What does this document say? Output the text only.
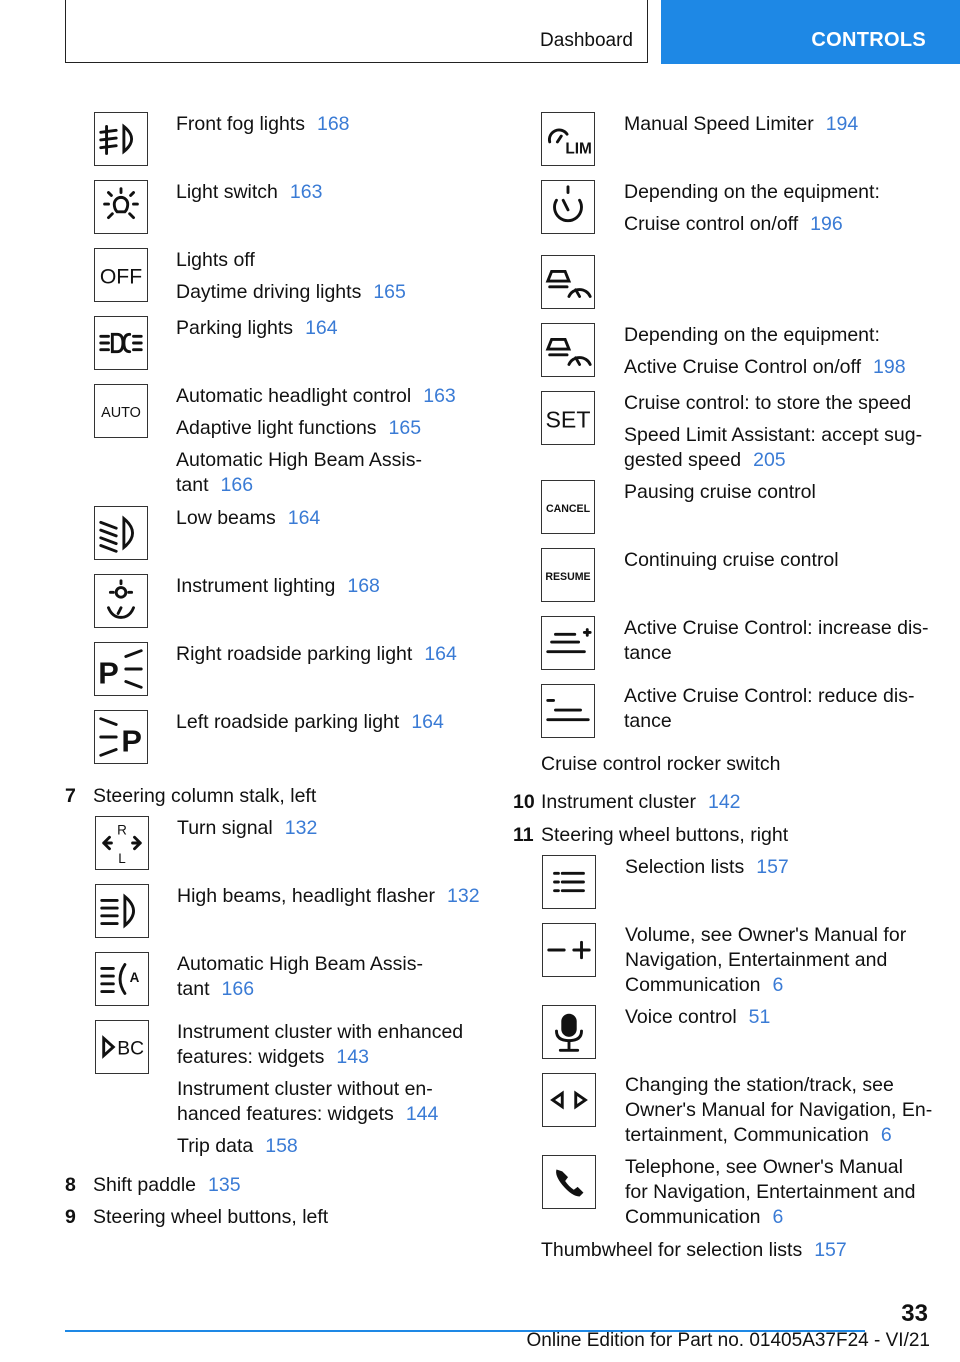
Dashboard	CONTROLS
Front fog lights 168
Light switch 163
OFF
Lights off
Daytime driving lights 165
Parking lights 164
AUTO
Automatic headlight control 163
Adaptive light functions 165
Automatic High Beam Assis-
tant 166
Low beams 164
Instrument lighting 168
P
Right roadside parking light 164
P
Left roadside parking light 164
7 Steering column stalk, left
R
L
Turn signal 132
High beams, headlight flasher 132
A
Automatic High Beam Assis-
tant 166
BC
Instrument cluster with enhanced
features: widgets 143
Instrument cluster without en-
hanced features: widgets 144
Trip data 158
8 Shift paddle 135
9 Steering wheel buttons, left
LIM
Manual Speed Limiter 194
Depending on the equipment:
Cruise control on/off 196
Depending on the equipment:
Active Cruise Control on/off 198
SET
Cruise control: to store the speed
Speed Limit Assistant: accept sug-
gested speed 205
CANCEL
Pausing cruise control
RESUME
Continuing cruise control
Active Cruise Control: increase dis-
tance
Active Cruise Control: reduce dis-
tance
Cruise control rocker switch
10 Instrument cluster 142
11 Steering wheel buttons, right
Selection lists 157
Volume, see Owner's Manual for
Navigation, Entertainment and
Communication 6
Voice control 51
Changing the station/track, see
Owner's Manual for Navigation, En-
tertainment, Communication 6
Telephone, see Owner's Manual
for Navigation, Entertainment and
Communication 6
Thumbwheel for selection lists 157
33
Online Edition for Part no. 01405A37F24 - VI/21
